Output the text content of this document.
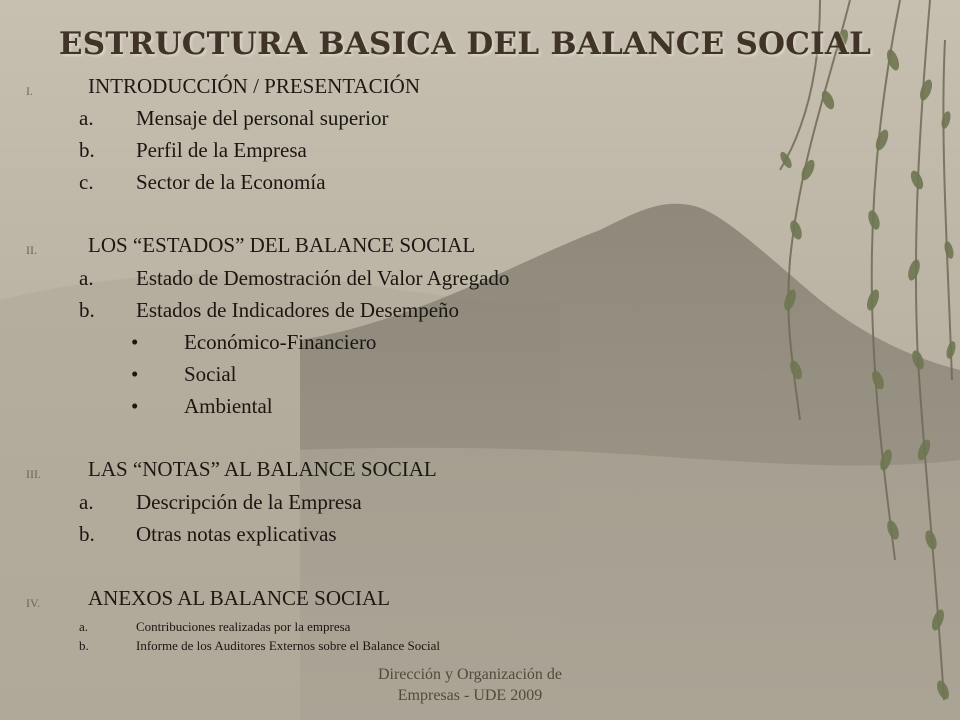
ESTRUCTURA BASICA DEL BALANCE SOCIAL
I.	INTRODUCCIÓN / PRESENTACIÓN
a. Mensaje del personal superior
b. Perfil de la Empresa
c. Sector de la Economía
II. LOS “ESTADOS” DEL BALANCE SOCIAL
a. Estado de Demostración del Valor Agregado
b. Estados de Indicadores de Desempeño
• Económico-Financiero
• Social
• Ambiental
III. LAS “NOTAS” AL BALANCE SOCIAL
a. Descripción de la Empresa
b. Otras notas explicativas
IV. ANEXOS AL BALANCE SOCIAL
a.	Contribuciones realizadas por la empresa
b.	Informe de los Auditores Externos sobre el Balance Social
Dirección y Organización de
Empresas - UDE 2009
